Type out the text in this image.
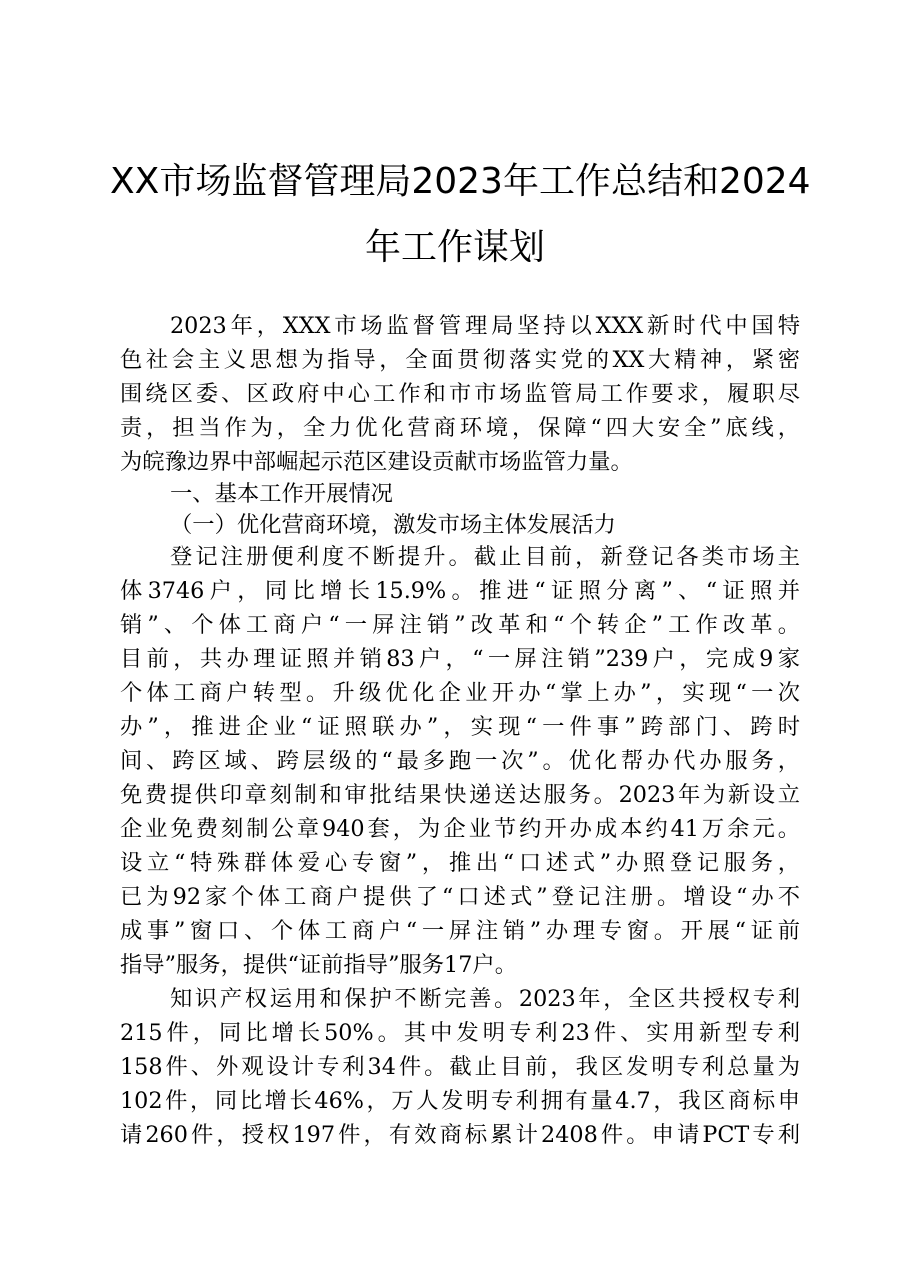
XX市场监督管理局2023年工作总结和2024
年工作谋划
2023年，XXX市场监督管理局坚持以XXX新时代中国特
色社会主义思想为指导，全面贯彻落实党的XX大精神，紧密
围绕区委、区政府中心工作和市市场监管局工作要求，履职尽
责，担当作为，全力优化营商环境，保障“四大安全”底线，
为皖豫边界中部崛起示范区建设贡献市场监管力量。
一、基本工作开展情况
（一）优化营商环境，激发市场主体发展活力
登记注册便利度不断提升。截止目前，新登记各类市场主
体3746户，同比增长15.9%。推进“证照分离”、“证照并
销”、个体工商户“一屏注销”改革和“个转企”工作改革。
目前，共办理证照并销83户，“一屏注销”239户，完成9家
个体工商户转型。升级优化企业开办“掌上办”，实现“一次
办”，推进企业“证照联办”，实现“一件事”跨部门、跨时
间、跨区域、跨层级的“最多跑一次”。优化帮办代办服务，
免费提供印章刻制和审批结果快递送达服务。2023年为新设立
企业免费刻制公章940套，为企业节约开办成本约41万余元。
设立“特殊群体爱心专窗”，推出“口述式”办照登记服务，
已为92家个体工商户提供了“口述式”登记注册。增设“办不
成事”窗口、个体工商户“一屏注销”办理专窗。开展“证前
指导”服务，提供“证前指导”服务17户。
知识产权运用和保护不断完善。2023年，全区共授权专利
215件，同比增长50%。其中发明专利23件、实用新型专利
158件、外观设计专利34件。截止目前，我区发明专利总量为
102件，同比增长46%，万人发明专利拥有量4.7，我区商标申
请260件，授权197件，有效商标累计2408件。申请PCT专利
